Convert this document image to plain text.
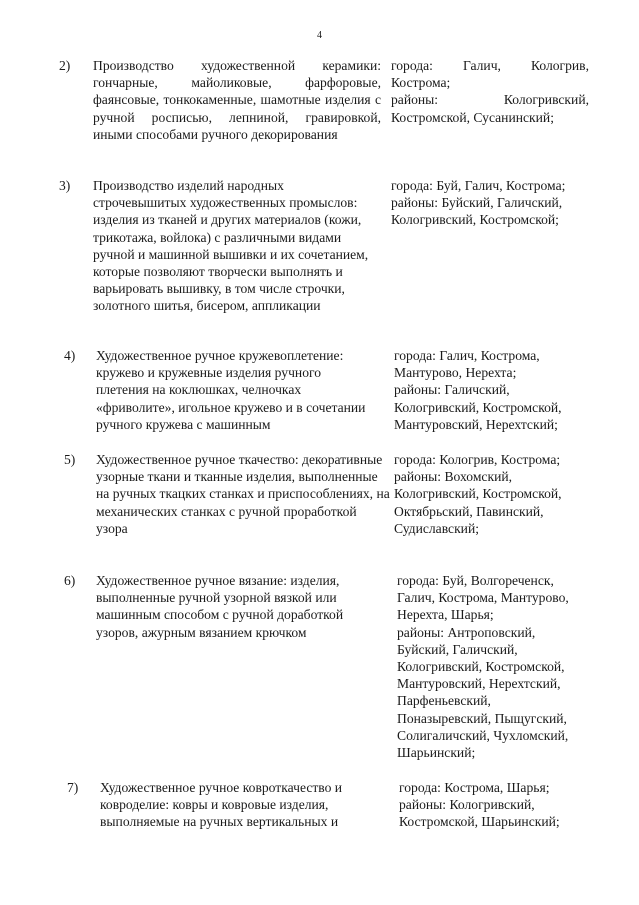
4
2) Производство художественной керамики: гончарные, майоликовые, фарфоровые, фаянсовые, тонкокаменные, шамотные изделия с ручной росписью, лепниной, гравировкой, иными способами ручного декорирования

города: Галич, Кологрив,
Кострома;
районы:	Кологривский,
Костромской, Сусанинский;
3) Производство изделий народных строчевышитых художественных промыслов: изделия из тканей и других материалов (кожи, трикотажа, войлока) с различными видами ручной и машинной вышивки и их сочетанием, которые позволяют творчески выполнять и варьировать вышивку, в том числе строчки, золотного шитья, бисером, аппликации

города: Буй, Галич, Кострома;
районы: Буйский, Галичский,
Кологривский, Костромской;
4) Художественное ручное кружевоплетение: кружево и кружевные изделия ручного плетения на коклюшках, челночках «фриволите», игольное кружево и в сочетании ручного кружева с машинным

города: Галич, Кострома,
Мантурово, Нерехта;
районы: Галичский,
Кологривский, Костромской,
Мантуровский, Нерехтский;
5) Художественное ручное ткачество: декоративные узорные ткани и тканные изделия, выполненные на ручных ткацких станках и приспособлениях, на механических станках с ручной проработкой узора

города: Кологрив, Кострома;
районы: Вохомский,
Кологривский, Костромской,
Октябрьский, Павинский,
Судиславский;
6) Художественное ручное вязание: изделия, выполненные ручной узорной вязкой или машинным способом с ручной доработкой узоров, ажурным вязанием крючком

города: Буй, Волгореченск,
Галич, Кострома, Мантурово,
Нерехта, Шарья;
районы: Антроповский,
Буйский, Галичский,
Кологривский, Костромской,
Мантуровский, Нерехтский,
Парфеньевский,
Поназыревский, Пыщугский,
Солигаличский, Чухломский,
Шарьинский;
7) Художественное ручное ковроткачество и
ковроделие: ковры и ковровые изделия,
выполняемые на ручных вертикальных и
города: Кострома, Шарья;
районы: Кологривский,
Костромской, Шарьинский;
